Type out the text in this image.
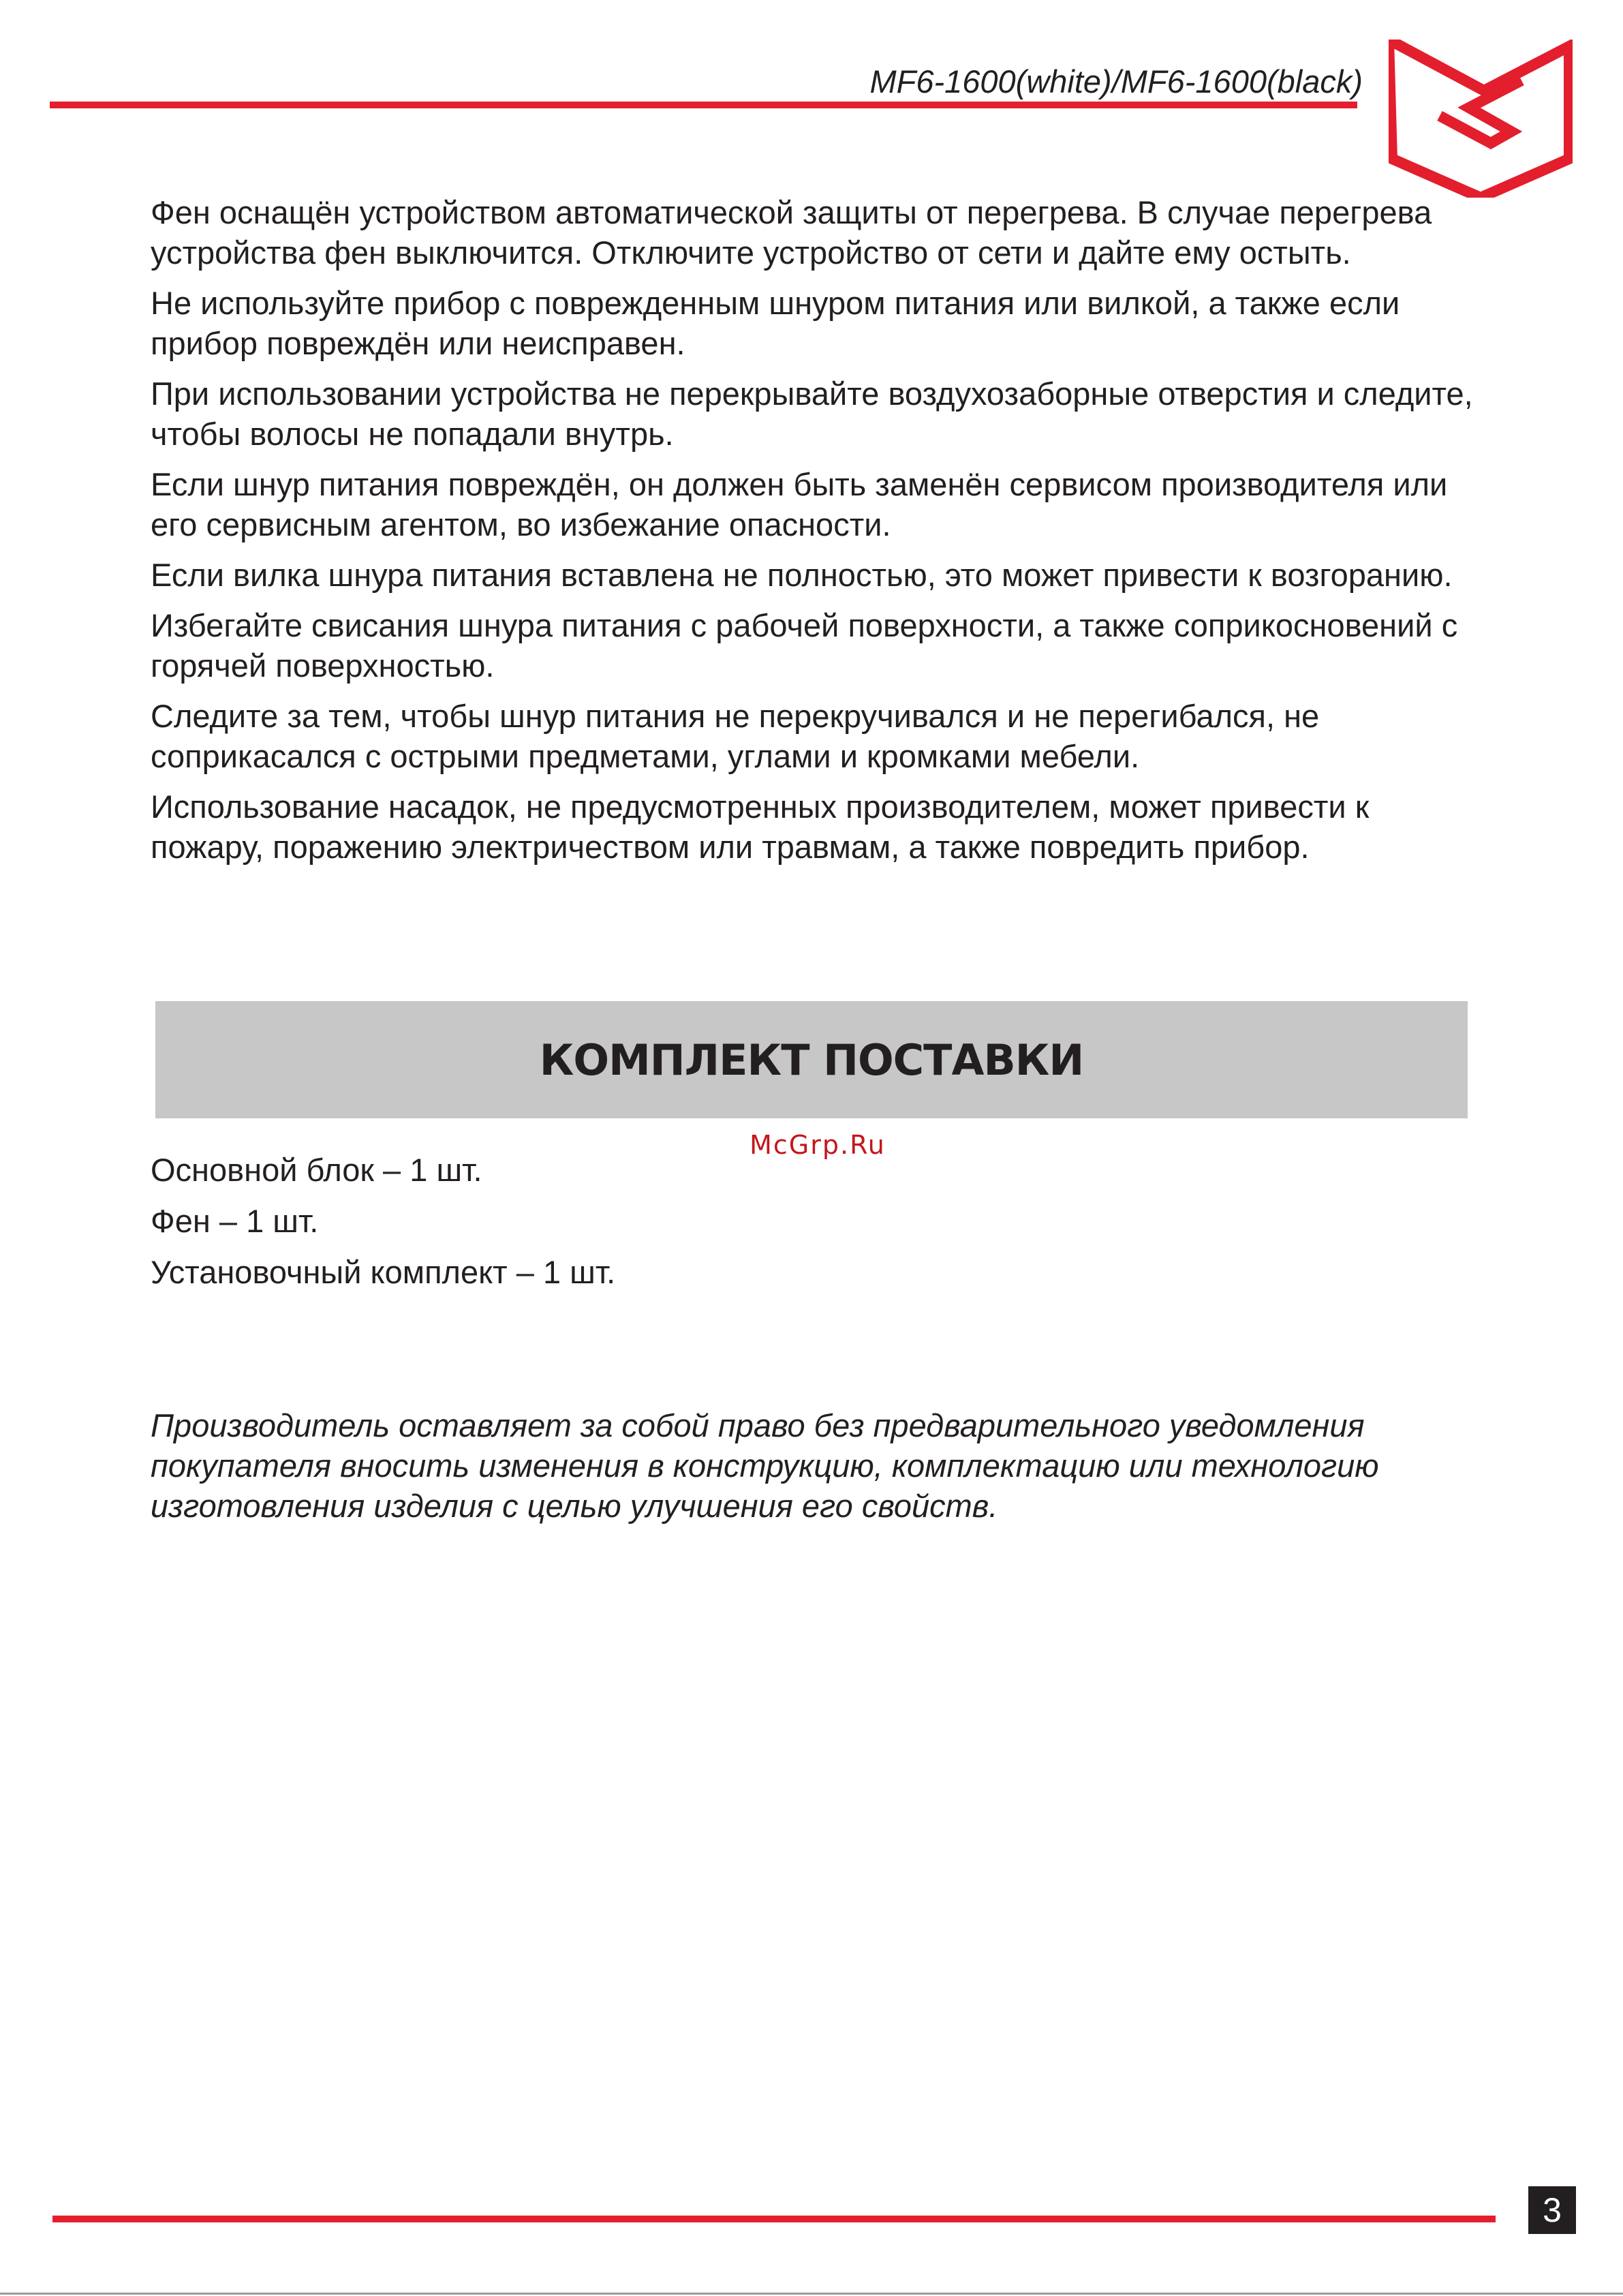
MF6-1600(white)/MF6-1600(black)

Фен оснащён устройством автоматической защиты от перегрева. В случае перегрева устройства фен выключится. Отключите устройство от сети и дайте ему остыть.

Не используйте прибор с поврежденным шнуром питания или вилкой, а также если прибор повреждён или неисправен.

При использовании устройства не перекрывайте воздухозаборные отверстия и следите, чтобы волосы не попадали внутрь.

Если шнур питания повреждён, он должен быть заменён сервисом производителя или его сервисным агентом, во избежание опасности.

Если вилка шнура питания вставлена не полностью, это может привести к возгоранию.

Избегайте свисания шнура питания с рабочей поверхности, а также соприкосновений с горячей поверхностью.

Следите за тем, чтобы шнур питания не перекручивался и не перегибался, не соприкасался с острыми предметами, углами и кромками мебели.

Использование насадок, не предусмотренных производителем, может привести к пожару, поражению электричеством или травмам, а также повредить прибор.

КОМПЛЕКТ ПОСТАВКИ
McGrp.Ru

Основной блок – 1 шт.

Фен – 1 шт.

Установочный комплект – 1 шт.

Производитель оставляет за собой право без предварительного уведомления покупателя вносить изменения в конструкцию, комплектацию или технологию изготовления изделия с целью улучшения его свойств.
3
